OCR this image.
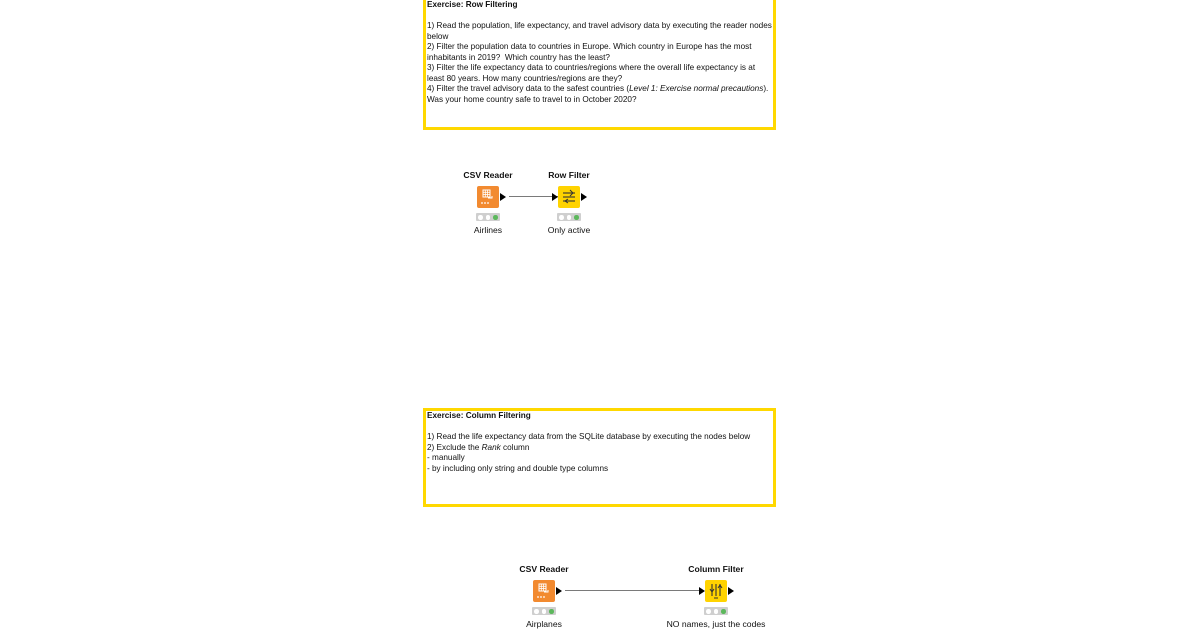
Exercise: Row Filtering
1) Read the population, life expectancy, and travel advisory data by executing the reader nodes below
2) Filter the population data to countries in Europe. Which country in Europe has the most inhabitants in 2019?  Which country has the least?
3) Filter the life expectancy data to countries/regions where the overall life expectancy is at least 80 years. How many countries/regions are they?
4) Filter the travel advisory data to the safest countries (Level 1: Exercise normal precautions). Was your home country safe to travel to in October 2020?
CSV Reader
Airlines
Row Filter
Only active
Exercise: Column Filtering
1) Read the life expectancy data from the SQLite database by executing the nodes below
2) Exclude the Rank column
- manually
- by including only string and double type columns
CSV Reader
Airplanes
Column Filter
NO names, just the codes
